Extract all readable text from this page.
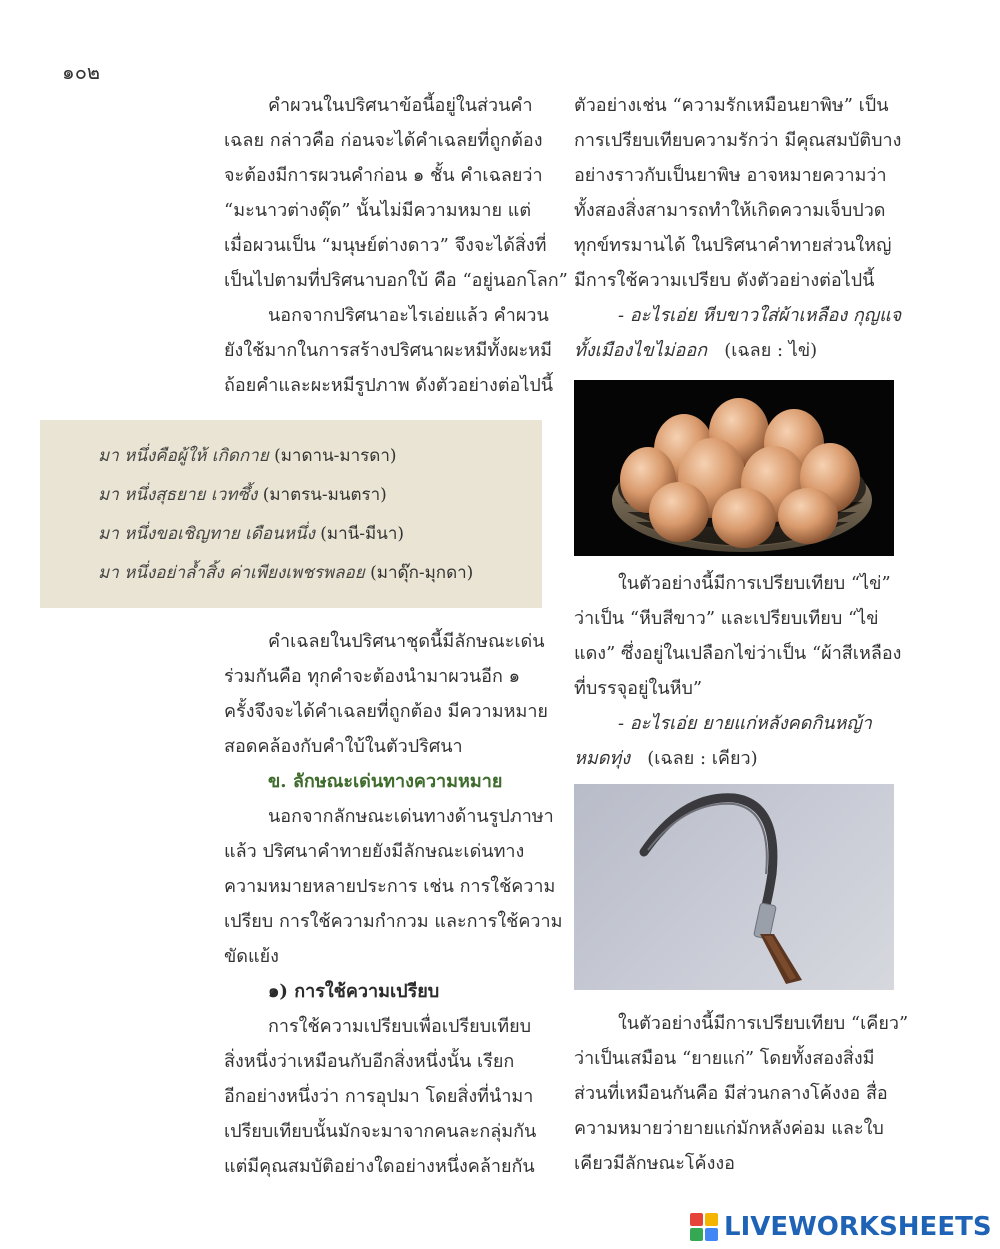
๑๐๒

คำผวนในปริศนาข้อนี้อยู่ในส่วนคำ

เฉลย กล่าวคือ ก่อนจะได้คำเฉลยที่ถูกต้อง

จะต้องมีการผวนคำก่อน ๑ ชั้น คำเฉลยว่า

“มะนาวต่างดุ๊ด” นั้นไม่มีความหมาย แต่

เมื่อผวนเป็น “มนุษย์ต่างดาว” จึงจะได้สิ่งที่

เป็นไปตามที่ปริศนาบอกใบ้ คือ “อยู่นอกโลก”

นอกจากปริศนาอะไรเอ่ยแล้ว คำผวน

ยังใช้มากในการสร้างปริศนาผะหมีทั้งผะหมี

ถ้อยคำและผะหมีรูปภาพ ดังตัวอย่างต่อไปนี้

มา หนึ่งคือผู้ให้ เกิดกาย (มาดาน-มารดา)

มา หนึ่งสุธยาย เวทซึ้ง (มาตรน-มนตรา)

มา หนึ่งขอเชิญทาย เดือนหนึ่ง (มานี-มีนา)

มา หนึ่งอย่าล้ำสิ้ง ค่าเพียงเพชรพลอย (มาดุ๊ก-มุกดา)

คำเฉลยในปริศนาชุดนี้มีลักษณะเด่น

ร่วมกันคือ ทุกคำจะต้องนำมาผวนอีก ๑

ครั้งจึงจะได้คำเฉลยที่ถูกต้อง มีความหมาย

สอดคล้องกับคำใบ้ในตัวปริศนา

ข. ลักษณะเด่นทางความหมาย

นอกจากลักษณะเด่นทางด้านรูปภาษา

แล้ว ปริศนาคำทายยังมีลักษณะเด่นทาง

ความหมายหลายประการ เช่น การใช้ความ

เปรียบ การใช้ความกำกวม และการใช้ความ

ขัดแย้ง

๑) การใช้ความเปรียบ

การใช้ความเปรียบเพื่อเปรียบเทียบ

สิ่งหนึ่งว่าเหมือนกับอีกสิ่งหนึ่งนั้น เรียก

อีกอย่างหนึ่งว่า การอุปมา โดยสิ่งที่นำมา

เปรียบเทียบนั้นมักจะมาจากคนละกลุ่มกัน

แต่มีคุณสมบัติอย่างใดอย่างหนึ่งคล้ายกัน

ตัวอย่างเช่น “ความรักเหมือนยาพิษ” เป็น

การเปรียบเทียบความรักว่า มีคุณสมบัติบาง

อย่างราวกับเป็นยาพิษ อาจหมายความว่า

ทั้งสองสิ่งสามารถทำให้เกิดความเจ็บปวด

ทุกข์ทรมานได้ ในปริศนาคำทายส่วนใหญ่

มีการใช้ความเปรียบ ดังตัวอย่างต่อไปนี้

- อะไรเอ่ย หีบขาวใส่ผ้าเหลือง กุญแจ

ทั้งเมืองไขไม่ออก (เฉลย : ไข่)

ในตัวอย่างนี้มีการเปรียบเทียบ “ไข่”

ว่าเป็น “หีบสีขาว” และเปรียบเทียบ “ไข่

แดง” ซึ่งอยู่ในเปลือกไข่ว่าเป็น “ผ้าสีเหลือง

ที่บรรจุอยู่ในหีบ”

- อะไรเอ่ย ยายแก่หลังคดกินหญ้า

หมดทุ่ง (เฉลย : เคียว)

ในตัวอย่างนี้มีการเปรียบเทียบ “เคียว”

ว่าเป็นเสมือน “ยายแก่” โดยทั้งสองสิ่งมี

ส่วนที่เหมือนกันคือ มีส่วนกลางโค้งงอ สื่อ

ความหมายว่ายายแก่มักหลังค่อม และใบ

เคียวมีลักษณะโค้งงอ

LIVEWORKSHEETS
